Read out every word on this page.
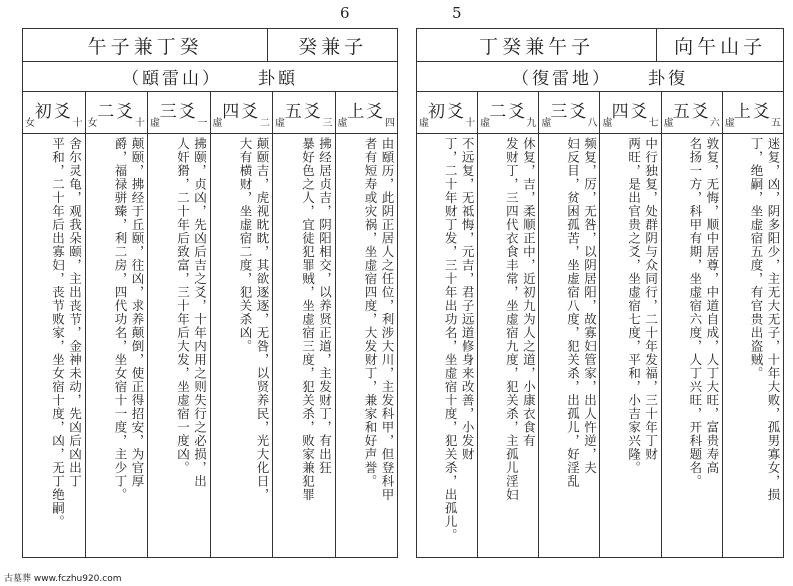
6	5
午子兼丁癸	癸兼子
（頤雷山） 卦頤
上爻
虛	四
由頤历，此阴正居人之任位，利涉大川，主发科甲，但登科甲
者有短寿或灾祸，坐虚宿四度，大发财丁，兼家和好声誉。
五爻
虛	三
拂经居贞吉，阴阳相交，以养贤正道，主发财丁，有出狂
暴好色之人，宜徒犯罪贼，坐虚宿三度，犯关杀，败家兼犯罪
四爻
虛	二
颠颐吉，虎视眈眈，其欲逐逐，无咎，以贤养民，光大化日，
大有横财，坐虚宿二度，犯关杀凶。
三爻
虛	一
拂颐，贞凶，先凶后吉之爻，十年内用之则失行之必损，出
人奸猾，二十年后致富，三十年后大发，坐虚宿一度凶。
二爻
女	十
颠颐，拂经于丘颐，往凶，求养颠倒，使正得招安，为官厚
爵，福禄骈臻，利二房，四代功名，坐女宿十一度，主少丁。
初爻
女	十
舍尔灵龟，观我朵颐，主出丧节，金神未动，先凶后凶出丁
平和，二十年后出寡妇，丧节败家，坐女宿十度，凶，无丁绝嗣。
丁癸兼午子	向午山子
（復雷地） 卦復
上爻
虛	五
迷复，凶，阴多阳少，主无大无子，十年大败，孤男寡女，损
丁，绝嗣，坐虚宿五度，有官贵出盗贼。
五爻
虛	六
敦复，无悔，顺中居尊，中道自成，人丁大旺，富贵寿高
名扬一方，科甲有期，坐虚宿六度，人丁兴旺，开科题名。
四爻
虛	七
中行独复，处群阴与众同行，二十年发福，三十年丁财
两旺，是出官贵之爻，坐虚宿七度，平和，小吉家兴隆。
三爻
虛	八
频复，厉，无咎，以阴居阳，故寡妇管家，出人忤逆，夫
妇反目，贫困孤苦，坐虚宿八度，犯关杀，出孤儿，好淫乱
二爻
虛	九
休复，吉，柔顺正中，近初九为人之道，小康衣食有
发财丁，三四代衣食丰常，坐虚宿九度，犯关杀，主孤儿淫妇
初爻
虛	十
不远复，无祗悔，元吉，君子远道修身来改善，小发财
丁，二十年财丁发，三十年出功名，坐虚宿十度，犯关杀，出孤儿。
古墓葬 www.fczhu920.com
